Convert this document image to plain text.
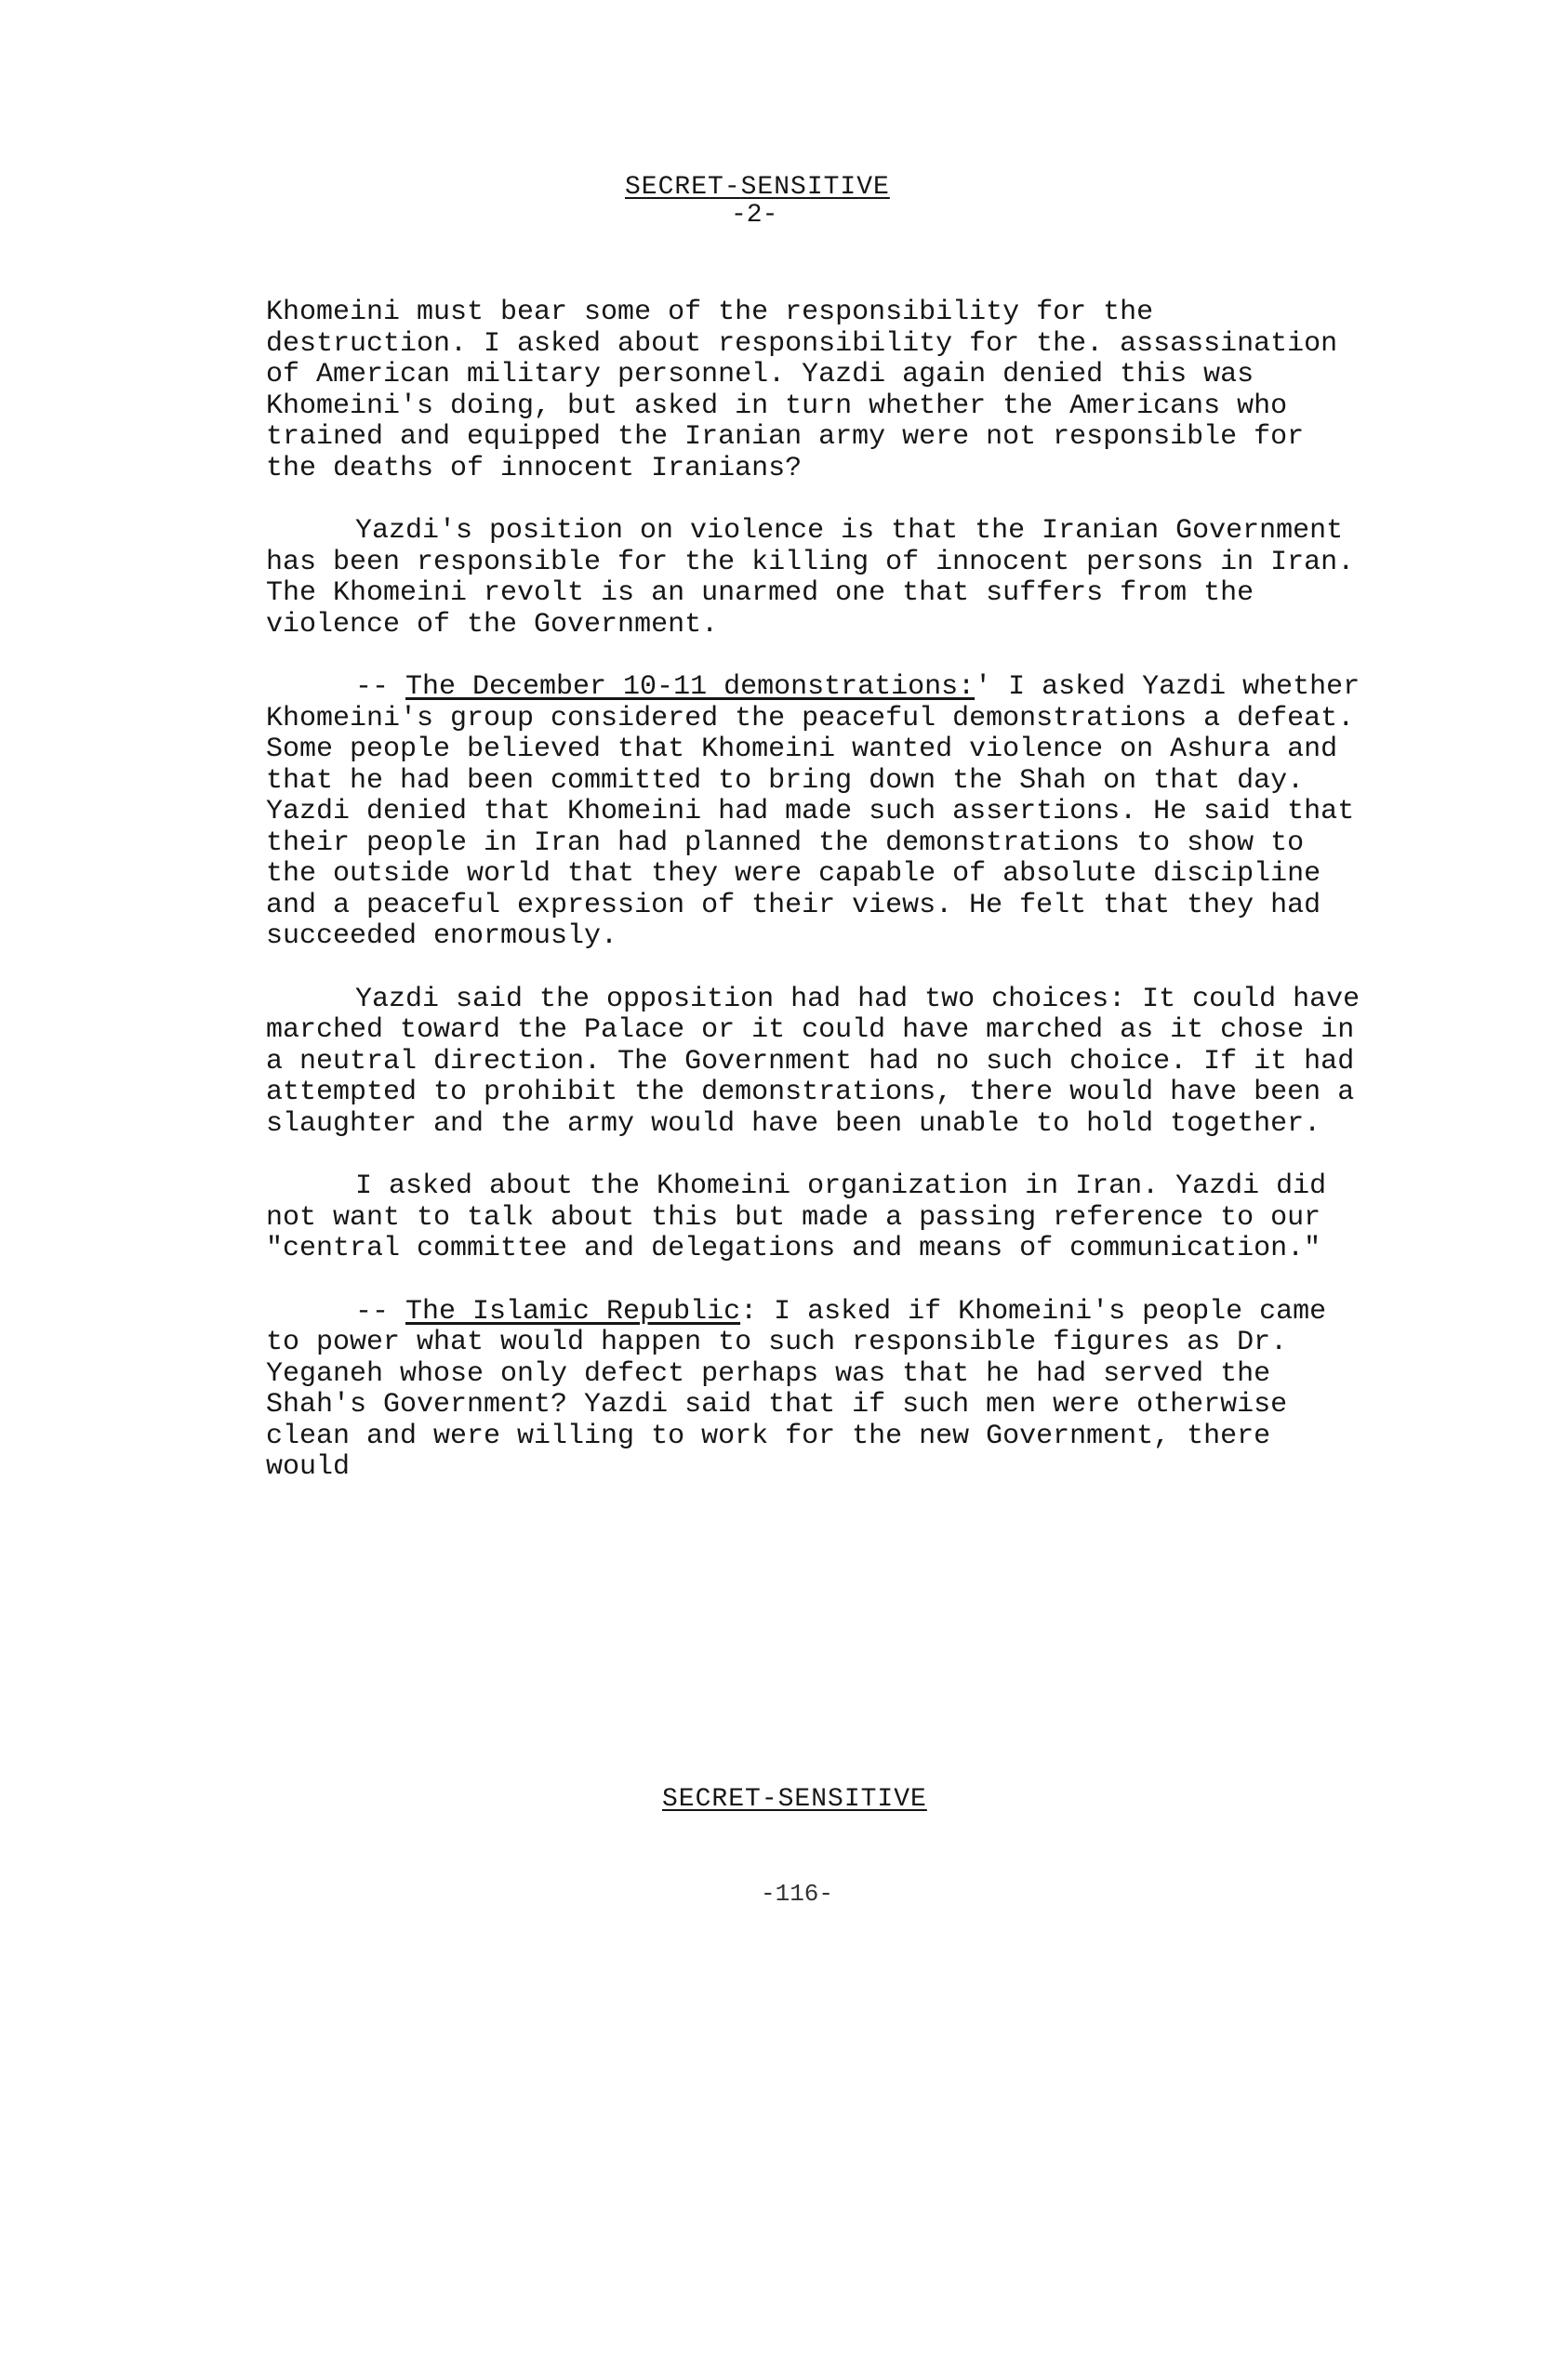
SECRET-SENSITIVE
-2-

Khomeini must bear some of the responsibility for the destruction. I asked about responsibility for the. assassination of American military personnel. Yazdi again denied this was Khomeini's doing, but asked in turn whether the Americans who trained and equipped the Iranian army were not responsible for the deaths of innocent Iranians?

Yazdi's position on violence is that the Iranian Government has been responsible for the killing of innocent persons in Iran. The Khomeini revolt is an unarmed one that suffers from the violence of the Government.

-- The December 10-11 demonstrations:' I asked Yazdi whether Khomeini's group considered the peaceful demonstrations a defeat. Some people believed that Khomeini wanted violence on Ashura and that he had been committed to bring down the Shah on that day. Yazdi denied that Khomeini had made such assertions. He said that their people in Iran had planned the demonstrations to show to the outside world that they were capable of absolute discipline and a peaceful expression of their views. He felt that they had succeeded enormously.

Yazdi said the opposition had had two choices: It could have marched toward the Palace or it could have marched as it chose in a neutral direction. The Government had no such choice. If it had attempted to prohibit the demonstrations, there would have been a slaughter and the army would have been unable to hold together.

I asked about the Khomeini organization in Iran. Yazdi did not want to talk about this but made a passing reference to our "central committee and delegations and means of communication."

-- The Islamic Republic: I asked if Khomeini's people came to power what would happen to such responsible figures as Dr. Yeganeh whose only defect perhaps was that he had served the Shah's Government? Yazdi said that if such men were otherwise clean and were willing to work for the new Government, there would

SECRET-SENSITIVE
-116-
